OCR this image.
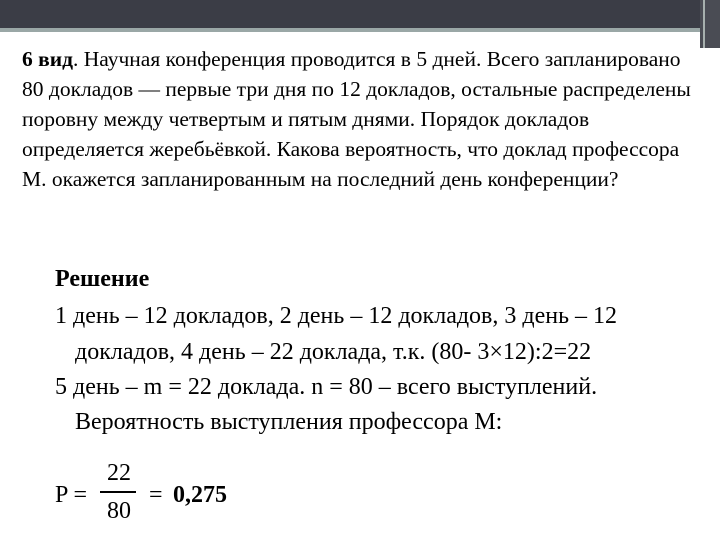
6 вид. Научная конференция проводится в 5 дней. Всего запланировано 80 докладов — первые три дня по 12 докладов, остальные распределены поровну между четвертым и пятым днями. Порядок докладов определяется жеребьёвкой. Какова вероятность, что доклад профессора М. окажется запланированным на последний день конференции?
Решение
1 день – 12 докладов, 2 день – 12 докладов, 3 день – 12
докладов, 4 день – 22 доклада, т.к. (80- 3×12):2=22
5 день – m = 22 доклада. n = 80 – всего выступлений.
Вероятность выступления профессора М:
P =
22
80
= 0,275
